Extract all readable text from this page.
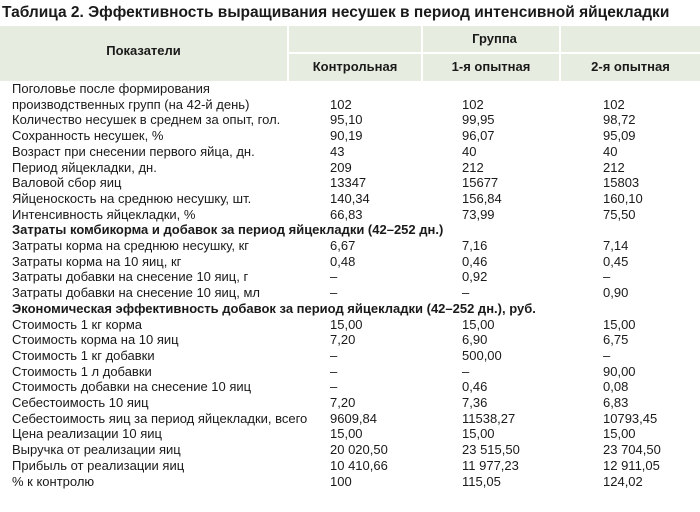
Таблица 2. Эффективность выращивания несушек в период интенсивной яйцекладки
Показатели
Группа
Контрольная	1-я опытная	2-я опытная
Поголовье после формирования
производственных групп (на 42-й день)	102	102	102
Количество несушек в среднем за опыт, гол.	95,10	99,95	98,72
Сохранность несушек, %	90,19	96,07	95,09
Возраст при снесении первого яйца, дн.	43	40	40
Период яйцекладки, дн.	209	212	212
Валовой сбор яиц	13347	15677	15803
Яйценоскость на среднюю несушку, шт.	140,34	156,84	160,10
Интенсивность яйцекладки, %	66,83	73,99	75,50
Затраты комбикорма и добавок за период яйцекладки (42–252 дн.)
Затраты корма на среднюю несушку, кг	6,67	7,16	7,14
Затраты корма на 10 яиц, кг	0,48	0,46	0,45
Затраты добавки на снесение 10 яиц, г	–	0,92	–
Затраты добавки на снесение 10 яиц, мл	–	–	0,90
Экономическая эффективность добавок за период яйцекладки (42–252 дн.), руб.
Стоимость 1 кг корма	15,00	15,00	15,00
Стоимость корма на 10 яиц	7,20	6,90	6,75
Стоимость 1 кг добавки	–	500,00	–
Стоимость 1 л добавки	–	–	90,00
Стоимость добавки на снесение 10 яиц	–	0,46	0,08
Себестоимость 10 яиц	7,20	7,36	6,83
Себестоимость яиц за период яйцекладки, всего 9609,84	11538,27	10793,45
Цена реализации 10 яиц	15,00	15,00	15,00
Выручка от реализации яиц	20 020,50	23 515,50	23 704,50
Прибыль от реализации яиц	10 410,66	11 977,23	12 911,05
% к контролю	100	115,05	124,02
